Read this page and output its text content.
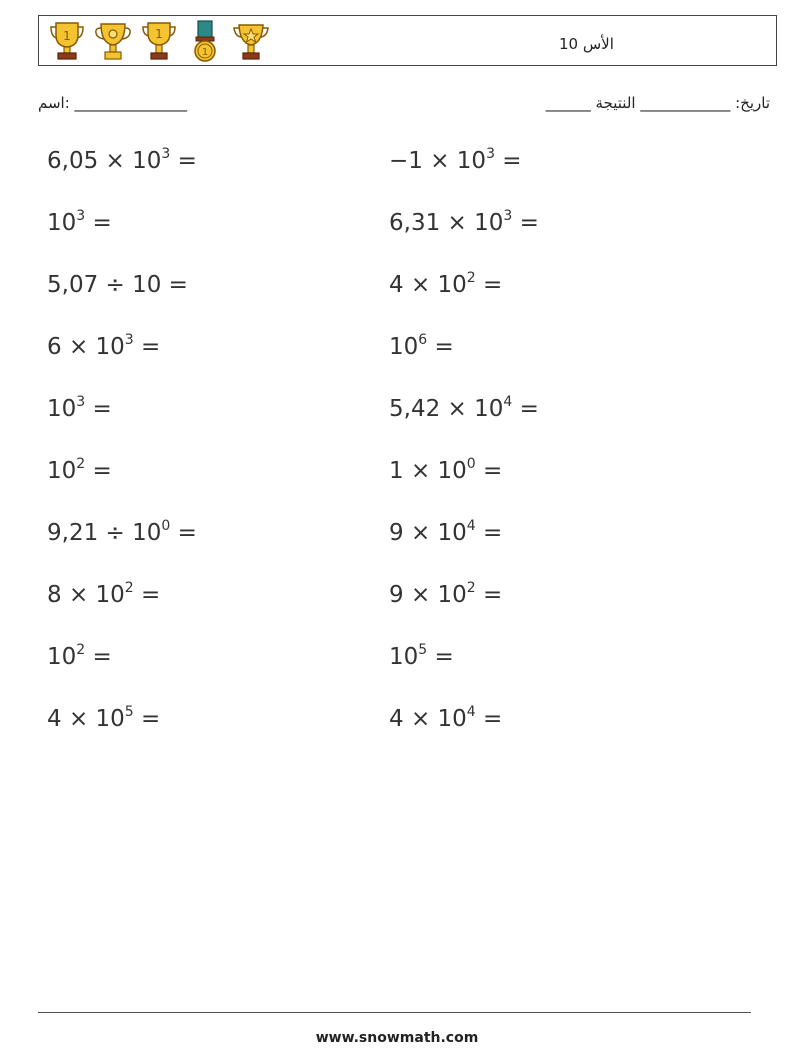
1	1
1	الأس 10
اسم: _______________	تاريخ: ____________ النتيجة ______
$6,05 \times 10^3$ =	$-1 \times 10^3$ =
$10^3$ =	$6,31 \times 10^3$ =
5,07 ÷ 10 =	$4 \times 10^2$ =
$6 \times 10^3$ =	$10^6$ =
$10^3$ =	$5,42 \times 10^4$ =
$10^2$ =	$1 \times 10^0$ =
$9,21 \div 10^0$ =	$9 \times 10^4$ =
$8 \times 10^2$ =	$9 \times 10^2$ =
$10^2$ =	$10^5$ =
$4 \times 10^5$ =	$4 \times 10^4$ =
www.snowmath.com
